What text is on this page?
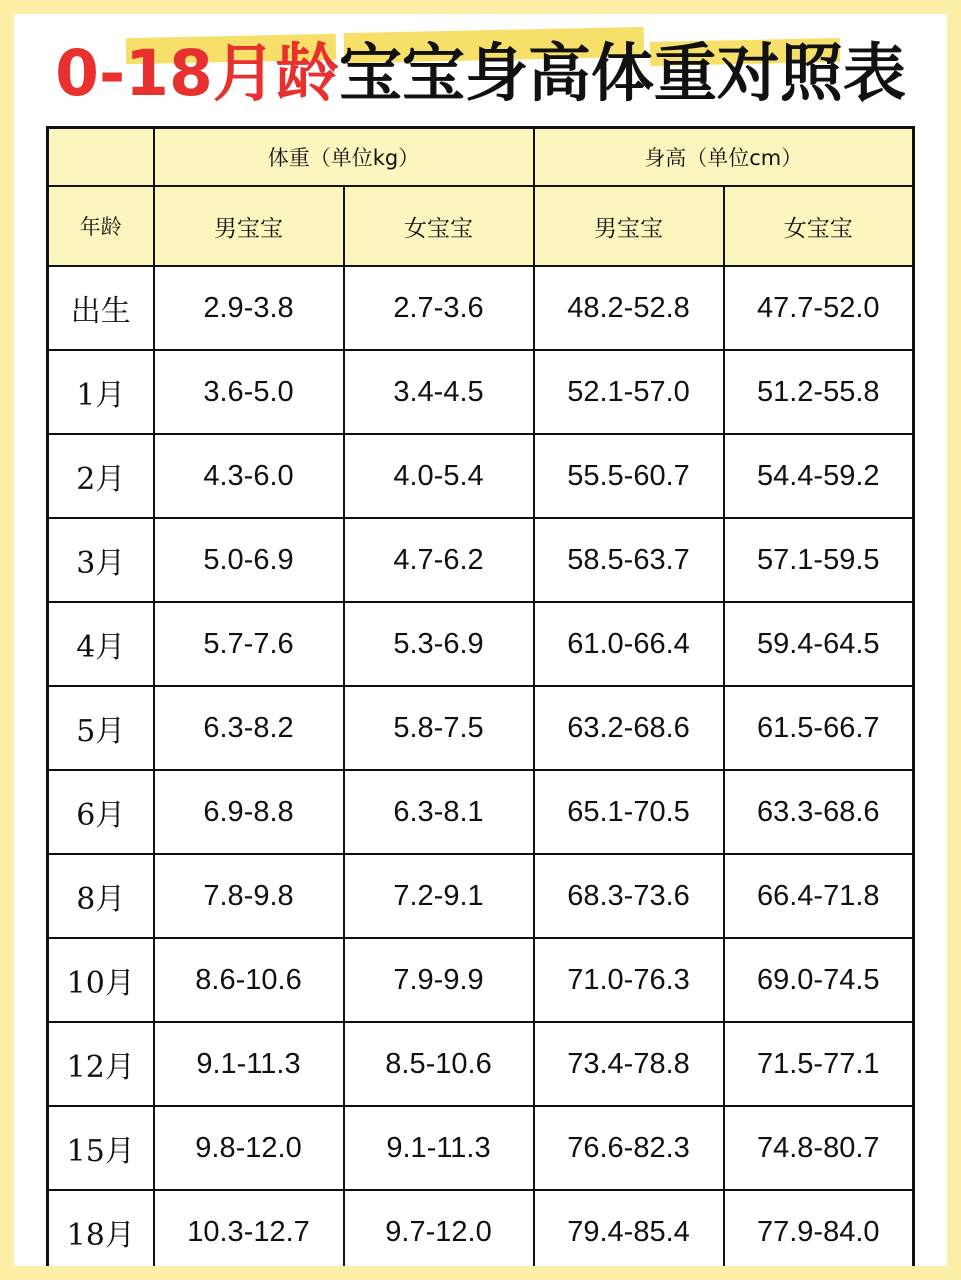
0-18月龄宝宝身高体重对照表
	体重（单位kg）		身高（单位cm）	
年龄	男宝宝	女宝宝	男宝宝	女宝宝
出生	2.9-3.8	2.7-3.6	48.2-52.8	47.7-52.0
1月	3.6-5.0	3.4-4.5	52.1-57.0	51.2-55.8
2月	4.3-6.0	4.0-5.4	55.5-60.7	54.4-59.2
3月	5.0-6.9	4.7-6.2	58.5-63.7	57.1-59.5
4月	5.7-7.6	5.3-6.9	61.0-66.4	59.4-64.5
5月	6.3-8.2	5.8-7.5	63.2-68.6	61.5-66.7
6月	6.9-8.8	6.3-8.1	65.1-70.5	63.3-68.6
8月	7.8-9.8	7.2-9.1	68.3-73.6	66.4-71.8
10月	8.6-10.6	7.9-9.9	71.0-76.3	69.0-74.5
12月	9.1-11.3	8.5-10.6	73.4-78.8	71.5-77.1
15月	9.8-12.0	9.1-11.3	76.6-82.3	74.8-80.7
18月	10.3-12.7	9.7-12.0	79.4-85.4	77.9-84.0
